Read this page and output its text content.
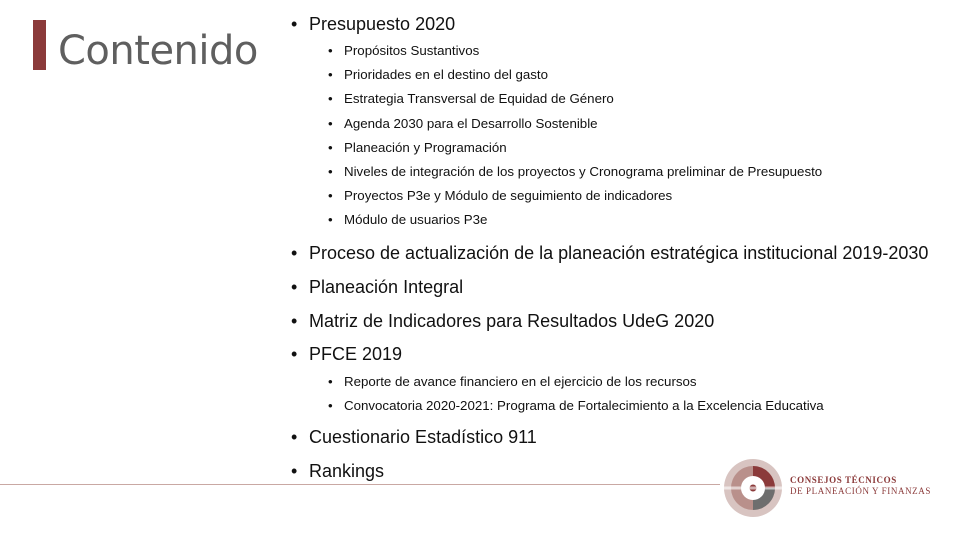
Contenido
• Presupuesto 2020
• Propósitos Sustantivos
• Prioridades en el destino del gasto
• Estrategia Transversal de Equidad de Género
• Agenda 2030 para el Desarrollo Sostenible
• Planeación y Programación
• Niveles de integración de los proyectos y Cronograma preliminar de Presupuesto
• Proyectos P3e y Módulo de seguimiento de indicadores
• Módulo de usuarios P3e
• Proceso de actualización de la planeación estratégica institucional 2019-2030
• Planeación Integral
• Matriz de Indicadores para Resultados UdeG 2020
• PFCE 2019
• Reporte de avance financiero en el ejercicio de los recursos
• Convocatoria 2020-2021: Programa de Fortalecimiento a la Excelencia Educativa
• Cuestionario Estadístico 911
• Rankings	CONSEJOS TÉCNICOS
DE PLANEACIÓN Y FINANZAS
